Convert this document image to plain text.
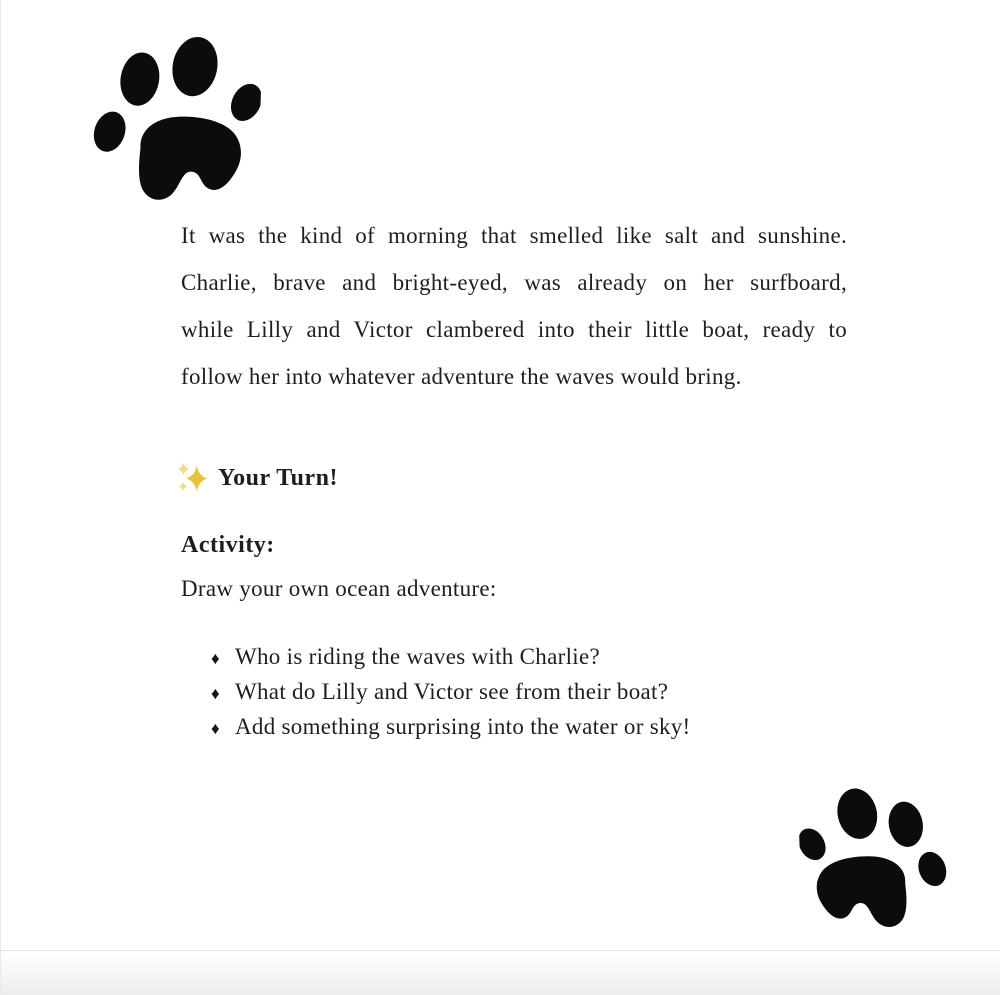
It was the kind of morning that smelled like salt and sunshine.
Charlie, brave and bright-eyed, was already on her surfboard,
while Lilly and Victor clambered into their little boat, ready to
follow her into whatever adventure the waves would bring.
Your Turn!
Activity:
Draw your own ocean adventure:
♦ Who is riding the waves with Charlie?
♦ What do Lilly and Victor see from their boat?
♦ Add something surprising into the water or sky!
